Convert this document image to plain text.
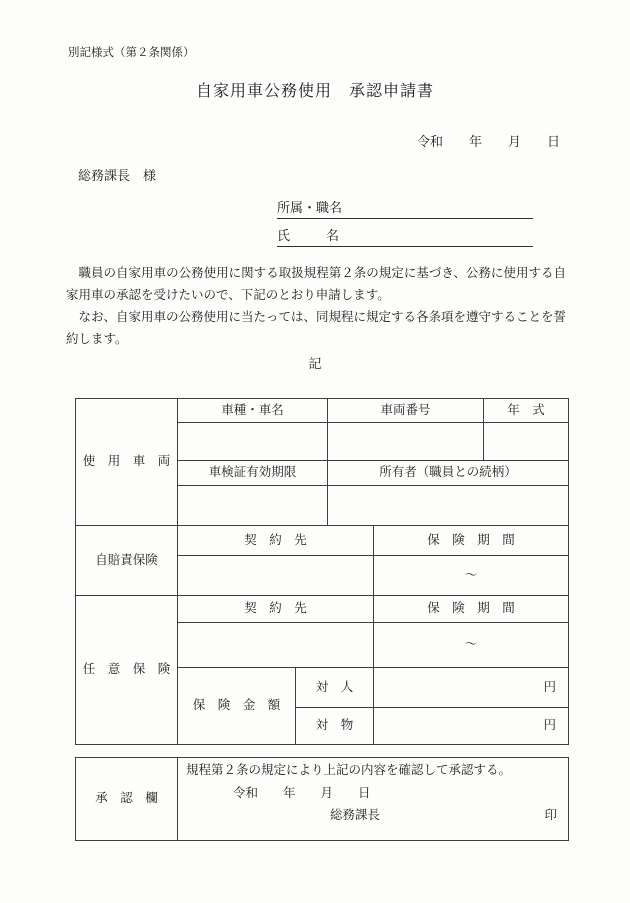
別記様式（第２条関係）
自家用車公務使用　承認申請書
令和　　年　　月　　日
総務課長　様
所属・職名
氏	名

職員の自家用車の公務使用に関する取扱規程第２条の規定に基づき、公務に使用する自家用車の承認を受けたいので、下記のとおり申請します。

なお、自家用車の公務使用に当たっては、同規程に規定する各条項を遵守することを誓約します。

記
使　用　車　両	車種・車名		車両番号		年　式

	車検証有効期限		所有者（職員との続柄）		

自賠責保険	契　約　先			保　険　期　間	
				～	
任　意　保　険	契　約　先			保　険　期　間	
				～	
	保　険　金　額	対　人		円	
		対　物		円	
承　認　欄	
規程第２条の規定により上記の内容を確認して承認する。
令和　　年　　月　　日
総務課長	印
